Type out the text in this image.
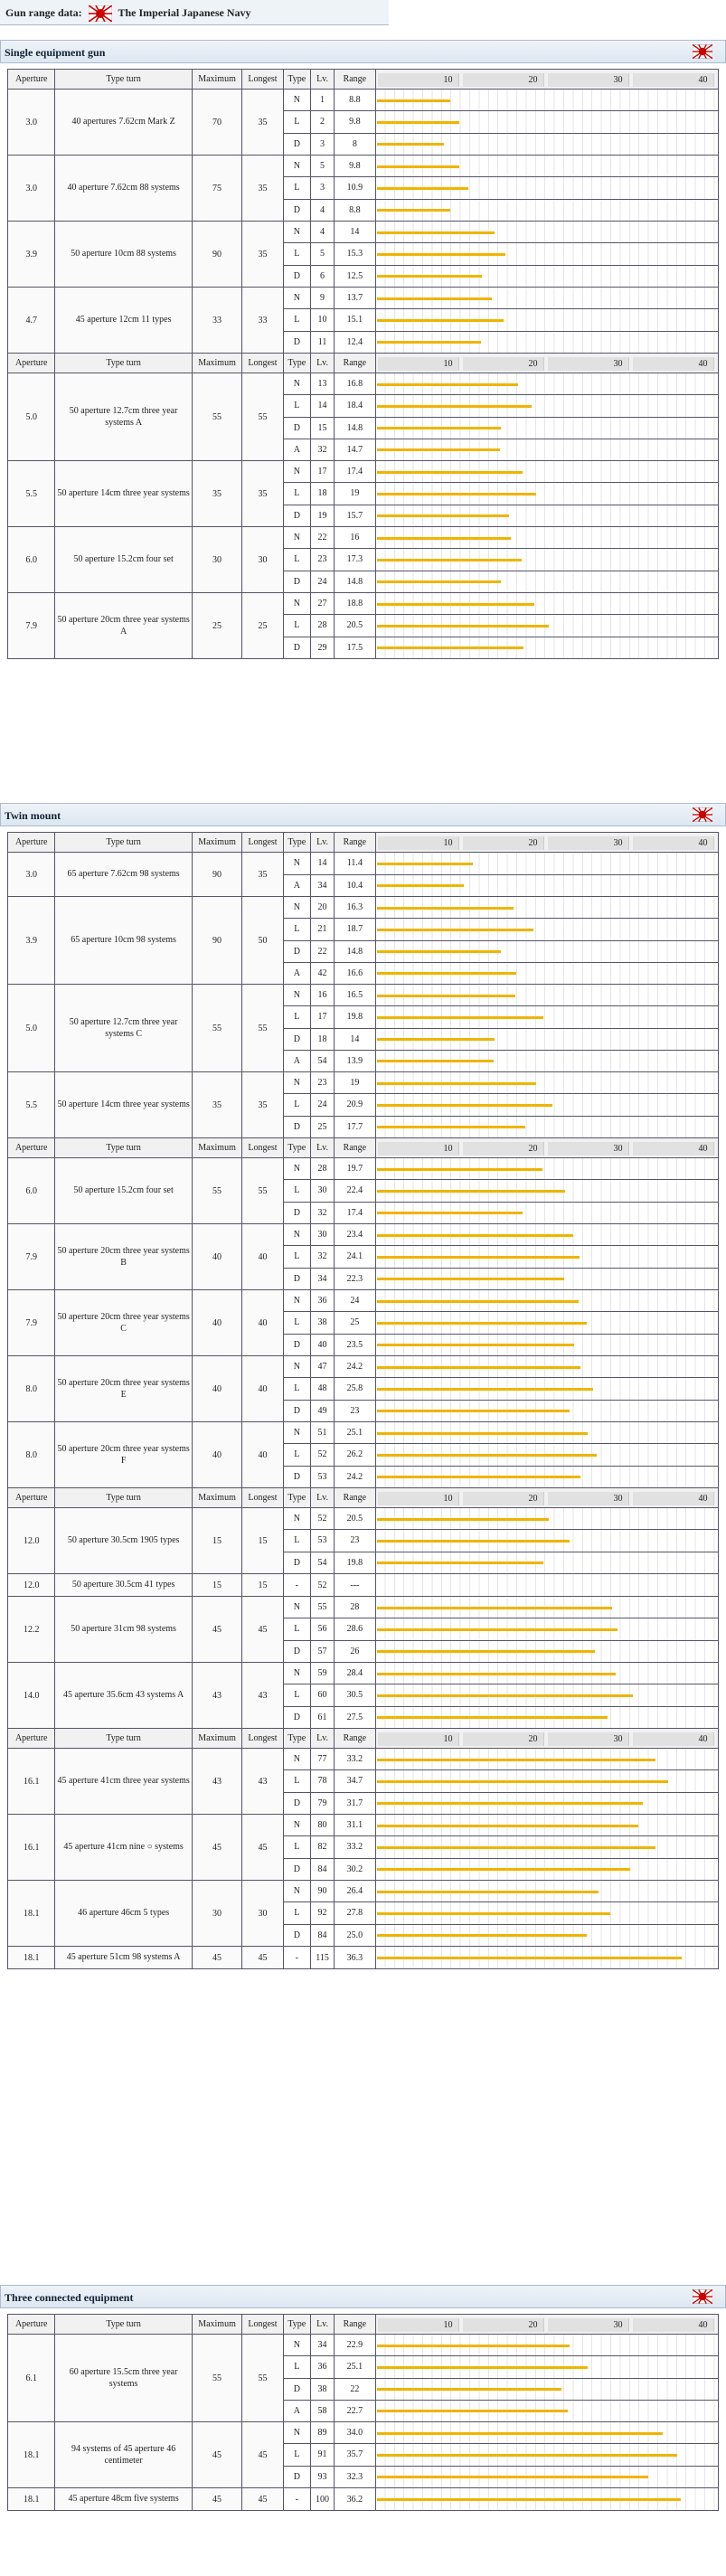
Gun range data:	The Imperial Japanese Navy
Single equipment gun
Aperture	Type turn	Maximum	Longest	Type	Lv.	Range	10 20 30 40

3.0	40 apertures 7.62cm Mark Z	70	35	N	1	8.8	

				L	2	9.8	

				D	3	8	

3.0	40 aperture 7.62cm 88 systems	75	35	N	5	9.8	

				L	3	10.9	

				D	4	8.8	

3.9	50 aperture 10cm 88 systems	90	35	N	4	14	

				L	5	15.3	

				D	6	12.5	

4.7	45 aperture 12cm 11 types	33	33	N	9	13.7	

				L	10	15.1	

				D	11	12.4	

Aperture	Type turn	Maximum	Longest	Type	Lv.	Range	10 20 30 40

5.0	50 aperture 12.7cm three year systems A	55	55	N	13	16.8	

				L	14	18.4	

				D	15	14.8	

				A	32	14.7	

5.5	50 aperture 14cm three year systems	35	35	N	17	17.4	

				L	18	19	

				D	19	15.7	

6.0	50 aperture 15.2cm four set	30	30	N	22	16	

				L	23	17.3	

				D	24	14.8	

7.9	50 aperture 20cm three year systems A	25	25	N	27	18.8	

				L	28	20.5	

				D	29	17.5	
Twin mount
Aperture	Type turn	Maximum	Longest	Type	Lv.	Range	10 20 30 40

3.0	65 aperture 7.62cm 98 systems	90	35	N	14	11.4	

				A	34	10.4	

3.9	65 aperture 10cm 98 systems	90	50	N	20	16.3	

				L	21	18.7	

				D	22	14.8	

				A	42	16.6	

5.0	50 aperture 12.7cm three year systems C	55	55	N	16	16.5	

				L	17	19.8	

				D	18	14	

				A	54	13.9	

5.5	50 aperture 14cm three year systems	35	35	N	23	19	

				L	24	20.9	

				D	25	17.7	

Aperture	Type turn	Maximum	Longest	Type	Lv.	Range	10 20 30 40

6.0	50 aperture 15.2cm four set	55	55	N	28	19.7	

				L	30	22.4	

				D	32	17.4	

7.9	50 aperture 20cm three year systems B	40	40	N	30	23.4	

				L	32	24.1	

				D	34	22.3	

7.9	50 aperture 20cm three year systems C	40	40	N	36	24	

				L	38	25	

				D	40	23.5	

8.0	50 aperture 20cm three year systems E	40	40	N	47	24.2	

				L	48	25.8	

				D	49	23	

8.0	50 aperture 20cm three year systems F	40	40	N	51	25.1	

				L	52	26.2	

				D	53	24.2	

Aperture	Type turn	Maximum	Longest	Type	Lv.	Range	10 20 30 40

12.0	50 aperture 30.5cm 1905 types	15	15	N	52	20.5	

				L	53	23	

				D	54	19.8	

12.0	50 aperture 30.5cm 41 types	15	15	-	52	---	

12.2	50 aperture 31cm 98 systems	45	45	N	55	28	

				L	56	28.6	

				D	57	26	

14.0	45 aperture 35.6cm 43 systems A	43	43	N	59	28.4	

				L	60	30.5	

				D	61	27.5	

Aperture	Type turn	Maximum	Longest	Type	Lv.	Range	10 20 30 40

16.1	45 aperture 41cm three year systems	43	43	N	77	33.2	

				L	78	34.7	

				D	79	31.7	

16.1	45 aperture 41cm nine ○ systems	45	45	N	80	31.1	

				L	82	33.2	

				D	84	30.2	

18.1	46 aperture 46cm 5 types	30	30	N	90	26.4	

				L	92	27.8	

				D	84	25.0	

18.1	45 aperture 51cm 98 systems A	45	45	-	115	36.3	
Three connected equipment
Aperture	Type turn	Maximum	Longest	Type	Lv.	Range	10 20 30 40

6.1	60 aperture 15.5cm three year systems	55	55	N	34	22.9	

				L	36	25.1	

				D	38	22	

				A	58	22.7	

18.1	94 systems of 45 aperture 46 centimeter	45	45	N	89	34.0	

				L	91	35.7	

				D	93	32.3	

18.1	45 aperture 48cm five systems	45	45	-	100	36.2	
